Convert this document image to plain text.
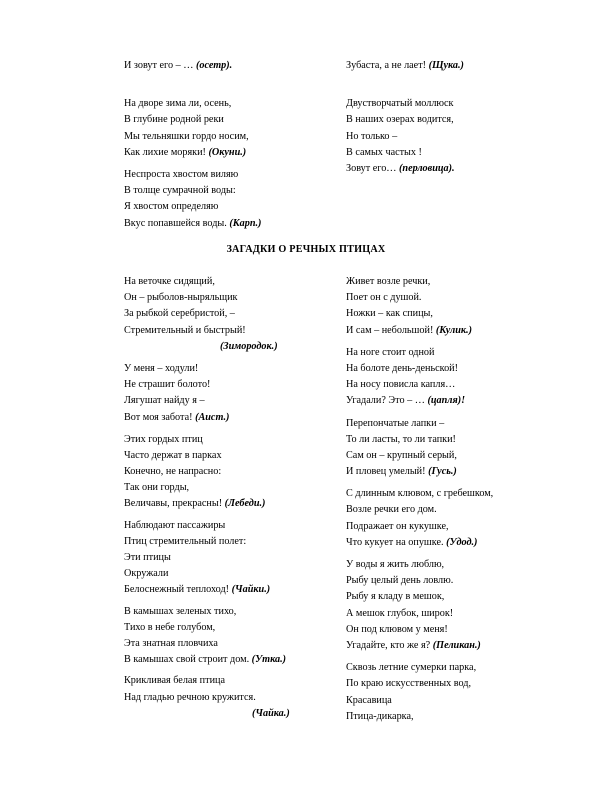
И зовут его – … (осетр).
На дворе зима ли, осень,
В глубине родной реки
Мы тельняшки гордо носим,
Как лихие моряки! (Окуни.)
Неспроста хвостом виляю
В толще сумрачной воды:
Я хвостом определяю
Вкус попавшейся воды. (Карп.)
Зубаста, а не лает! (Щука.)
Двустворчатый моллюск
В наших озерах водится,
Но только –
В самых частых !
Зовут его… (перловица).
ЗАГАДКИ О РЕЧНЫХ ПТИЦАХ
На веточке сидящий,
Он – рыболов-ныряльщик
За рыбкой серебристой, –
Стремительный и быстрый!
(Зимородок.)
У меня – ходули!
Не страшит болото!
Лягушат найду я –
Вот моя забота! (Аист.)
Этих гордых птиц
Часто держат в парках
Конечно, не напрасно:
Так они горды,
Величавы, прекрасны! (Лебеди.)
Наблюдают пассажиры
Птиц стремительный полет:
Эти птицы
Окружали
Белоснежный теплоход! (Чайки.)
В камышах зеленых тихо,
Тихо в небе голубом,
Эта знатная пловчиха
В камышах свой строит дом. (Утка.)
Крикливая белая птица
Над гладью речною кружится.
(Чайка.)
Живет возле речки,
Поет он с душой.
Ножки – как спицы,
И сам – небольшой! (Кулик.)
На ноге стоит одной
На болоте день-деньской!
На носу повисла капля…
Угадали? Это – … (цапля)!
Перепончатые лапки –
То ли ласты, то ли тапки!
Сам он – крупный серый,
И пловец умелый! (Гусь.)
С длинным клювом, с гребешком,
Возле речки его дом.
Подражает он кукушке,
Что кукует на опушке. (Удод.)
У воды я жить люблю,
Рыбу целый день ловлю.
Рыбу я кладу в мешок,
А мешок глубок, широк!
Он под клювом у меня!
Угадайте, кто же я? (Пеликан.)
Сквозь летние сумерки парка,
По краю искусственных вод,
Красавица
Птица-дикарка,
